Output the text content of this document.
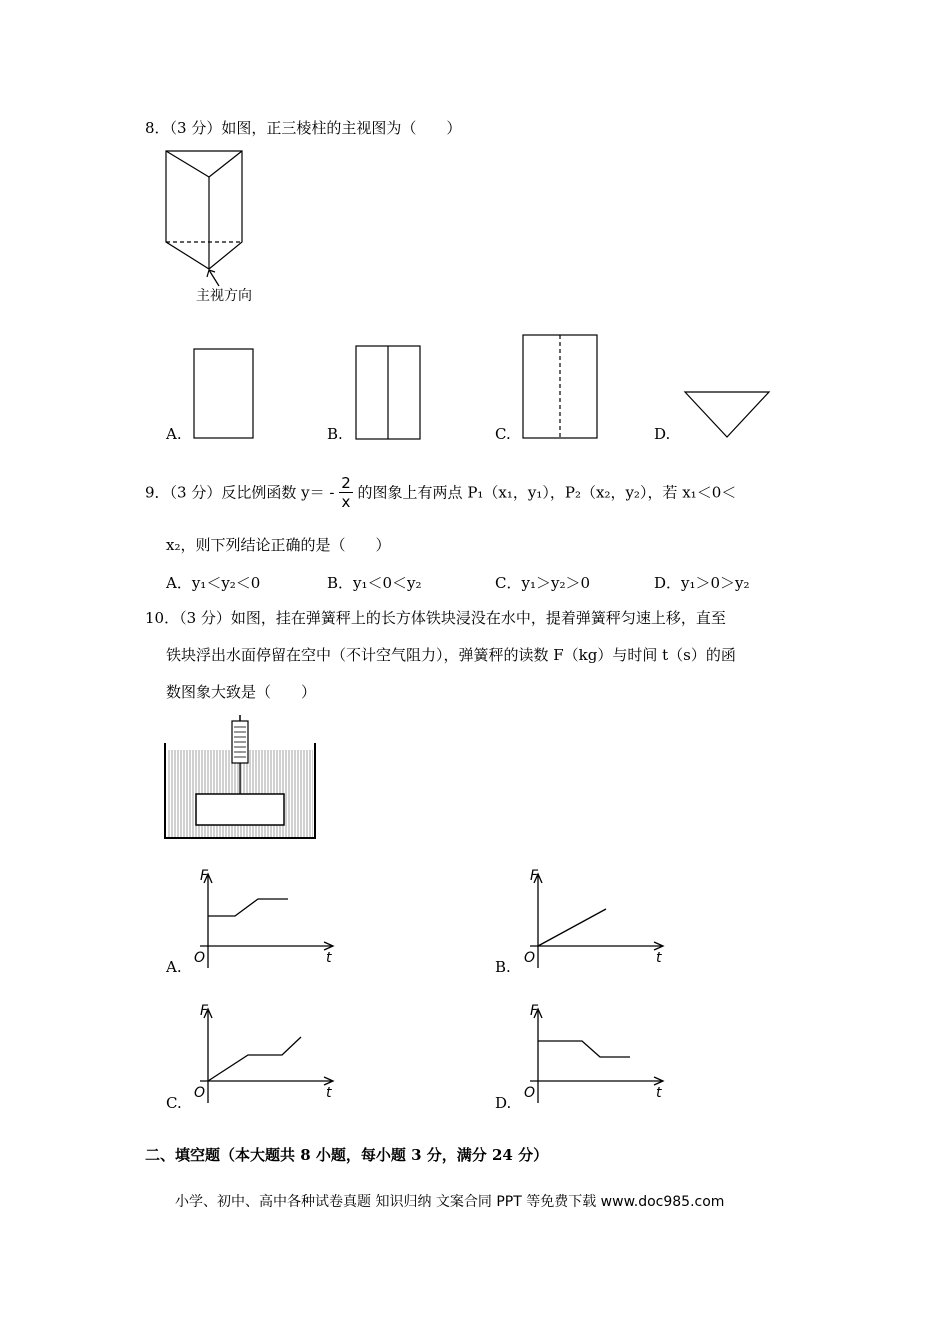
8．（3 分）如图，正三棱柱的主视图为（　　）
主视方向
A.	B.	C.	D.
9．（3 分）反比例函数 $y= - \frac{2}{x}$ 的图象上有两点 P₁（x₁，y₁），P₂（x₂，y₂），若 x₁＜0＜
x₂，则下列结论正确的是（　　）
A．y₁＜y₂＜0	B．y₁＜0＜y₂	C．y₁＞y₂＞0	D．y₁＞0＞y₂
10．（3 分）如图，挂在弹簧秤上的长方体铁块浸没在水中，提着弹簧秤匀速上移，直至
铁块浮出水面停留在空中（不计空气阻力），弹簧秤的读数 F（kg）与时间 t（s）的函
数图象大致是（　　）
A.
F
O	t	B.
F
O	t
C.
F
O	t
D.
F
O	t
二、填空题（本大题共 8 小题，每小题 3 分，满分 24 分）
小学、初中、高中各种试卷真题 知识归纳 文案合同 PPT 等免费下载 www.doc985.com
